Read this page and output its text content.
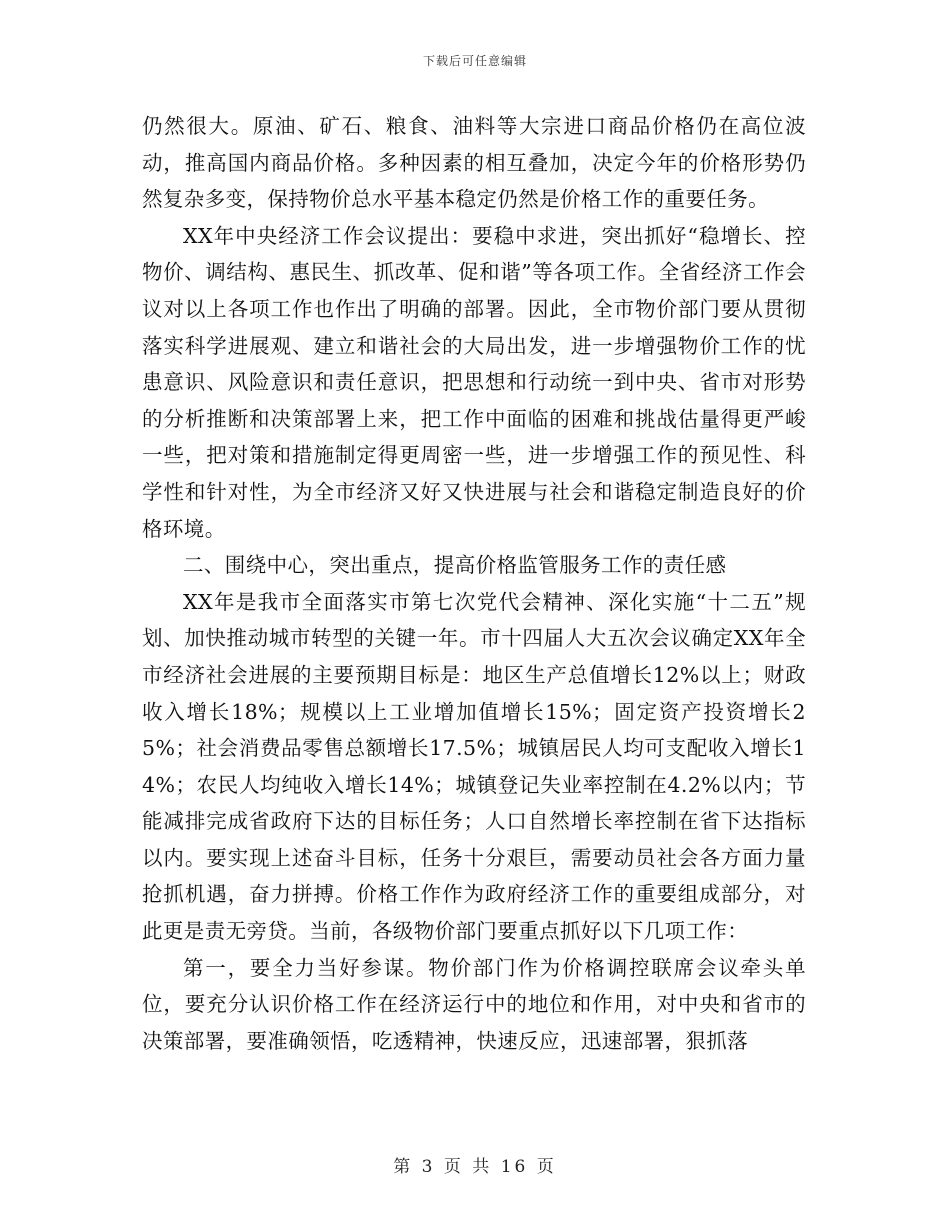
下载后可任意编辑

仍然很大。原油、矿石、粮食、油料等大宗进口商品价格仍在高位波动，推高国内商品价格。多种因素的相互叠加，决定今年的价格形势仍然复杂多变，保持物价总水平基本稳定仍然是价格工作的重要任务。

XX年中央经济工作会议提出：要稳中求进，突出抓好“稳增长、控物价、调结构、惠民生、抓改革、促和谐”等各项工作。全省经济工作会议对以上各项工作也作出了明确的部署。因此，全市物价部门要从贯彻落实科学进展观、建立和谐社会的大局出发，进一步增强物价工作的忧患意识、风险意识和责任意识，把思想和行动统一到中央、省市对形势的分析推断和决策部署上来，把工作中面临的困难和挑战估量得更严峻一些，把对策和措施制定得更周密一些，进一步增强工作的预见性、科学性和针对性，为全市经济又好又快进展与社会和谐稳定制造良好的价格环境。

二、围绕中心，突出重点，提高价格监管服务工作的责任感

XX年是我市全面落实市第七次党代会精神、深化实施“十二五”规划、加快推动城市转型的关键一年。市十四届人大五次会议确定XX年全市经济社会进展的主要预期目标是：地区生产总值增长12%以上；财政收入增长18%；规模以上工业增加值增长15%；固定资产投资增长25%；社会消费品零售总额增长17.5%；城镇居民人均可支配收入增长14%；农民人均纯收入增长14%；城镇登记失业率控制在4.2%以内；节能减排完成省政府下达的目标任务；人口自然增长率控制在省下达指标以内。要实现上述奋斗目标，任务十分艰巨，需要动员社会各方面力量抢抓机遇，奋力拼搏。价格工作作为政府经济工作的重要组成部分，对此更是责无旁贷。当前，各级物价部门要重点抓好以下几项工作：

第一，要全力当好参谋。物价部门作为价格调控联席会议牵头单位，要充分认识价格工作在经济运行中的地位和作用，对中央和省市的决策部署，要准确领悟，吃透精神，快速反应，迅速部署，狠抓落

第 3 页 共 16 页
